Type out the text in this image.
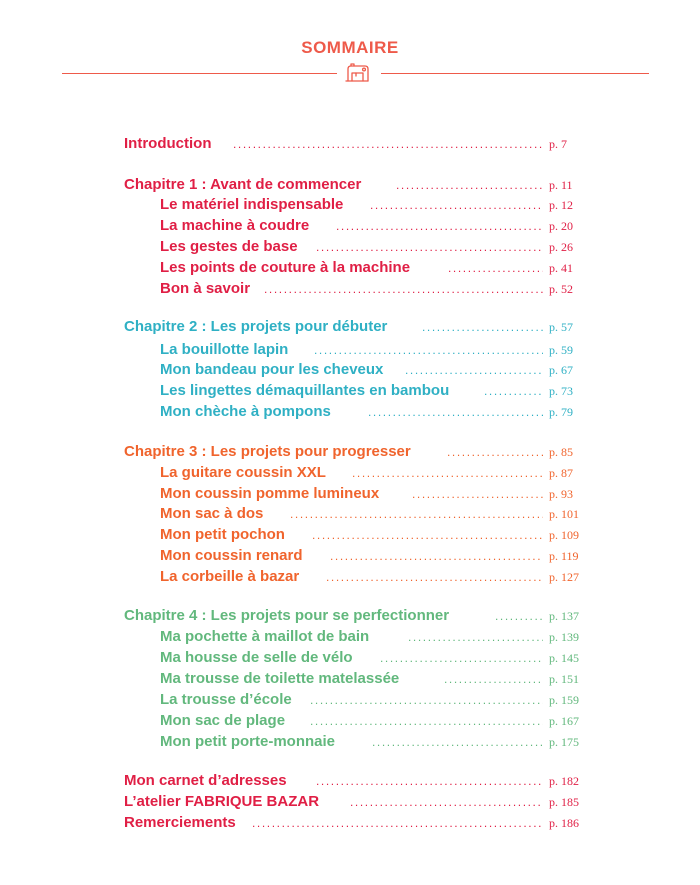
SOMMAIRE
Introduction .....	p. 7
Chapitre 1 : Avant de commencer .....	p. 11
Le matériel indispensable .....	p. 12
La machine à coudre .....	p. 20
Les gestes de base .....	p. 26
Les points de couture à la machine .....	p. 41
Bon à savoir .....	p. 52
Chapitre 2 : Les projets pour débuter .....	p. 57
La bouillotte lapin .....	p. 59
Mon bandeau pour les cheveux .....	p. 67
Les lingettes démaquillantes en bambou .....	p. 73
Mon chèche à pompons .....	p. 79
Chapitre 3 : Les projets pour progresser .....	p. 85
La guitare coussin XXL .....	p. 87
Mon coussin pomme lumineux .....	p. 93
Mon sac à dos .....	p. 101
Mon petit pochon .....	p. 109
Mon coussin renard .....	p. 119
La corbeille à bazar .....	p. 127
Chapitre 4 : Les projets pour se perfectionner .....	p. 137
Ma pochette à maillot de bain .....	p. 139
Ma housse de selle de vélo .....	p. 145
Ma trousse de toilette matelassée .....	p. 151
La trousse d’école .....	p. 159
Mon sac de plage .....	p. 167
Mon petit porte-monnaie .....	p. 175
Mon carnet d’adresses .....	p. 182
L’atelier FABRIQUE BAZAR .....	p. 185
Remerciements .....	p. 186
